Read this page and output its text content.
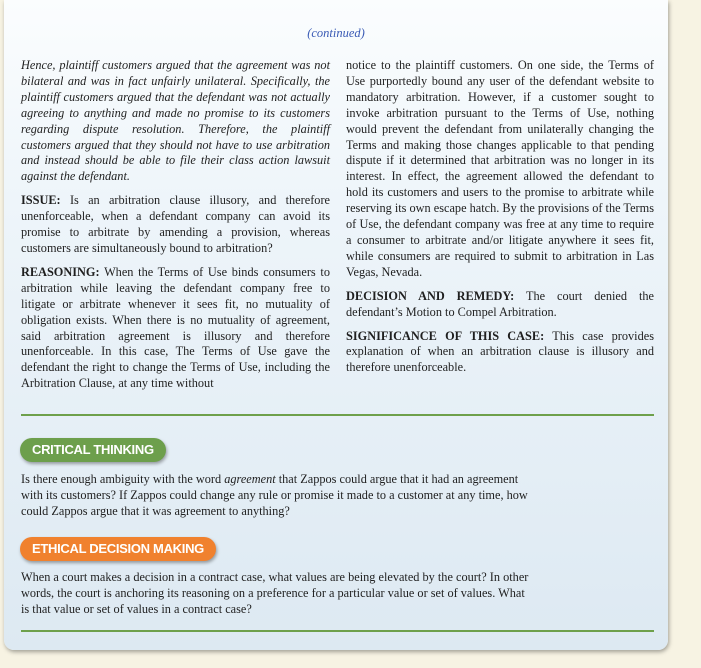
(continued)

Hence, plaintiff customers argued that the agreement was not bilateral and was in fact unfairly unilateral. Specifically, the plaintiff customers argued that the defendant was not actually agreeing to anything and made no promise to its customers regarding dispute resolution. Therefore, the plaintiff customers argued that they should not have to use arbitration and instead should be able to file their class action lawsuit against the defendant.

ISSUE: Is an arbitration clause illusory, and therefore unenforceable, when a defendant company can avoid its promise to arbitrate by amending a provision, whereas customers are simultaneously bound to arbitration?

REASONING: When the Terms of Use binds consumers to arbitration while leaving the defendant company free to litigate or arbitrate whenever it sees fit, no mutuality of obligation exists. When there is no mutuality of agreement, said arbitration agreement is illusory and therefore unenforceable. In this case, The Terms of Use gave the defendant the right to change the Terms of Use, including the Arbitration Clause, at any time without

notice to the plaintiff customers. On one side, the Terms of Use purportedly bound any user of the defendant website to mandatory arbitration. However, if a customer sought to invoke arbitration pursuant to the Terms of Use, nothing would prevent the defendant from unilaterally changing the Terms and making those changes applicable to that pending dispute if it determined that arbitration was no longer in its interest. In effect, the agreement allowed the defendant to hold its customers and users to the promise to arbitrate while reserving its own escape hatch. By the provisions of the Terms of Use, the defendant company was free at any time to require a consumer to arbitrate and/or litigate anywhere it sees fit, while consumers are required to submit to arbitration in Las Vegas, Nevada.

DECISION AND REMEDY: The court denied the defendant’s Motion to Compel Arbitration.

SIGNIFICANCE OF THIS CASE: This case provides explanation of when an arbitration clause is illusory and therefore unenforceable.

CRITICAL THINKING
Is there enough ambiguity with the word agreement that Zappos could argue that it had an agreement with its customers? If Zappos could change any rule or promise it made to a customer at any time, how could Zappos argue that it was agreement to anything?
ETHICAL DECISION MAKING
When a court makes a decision in a contract case, what values are being elevated by the court? In other words, the court is anchoring its reasoning on a preference for a particular value or set of values. What is that value or set of values in a contract case?
